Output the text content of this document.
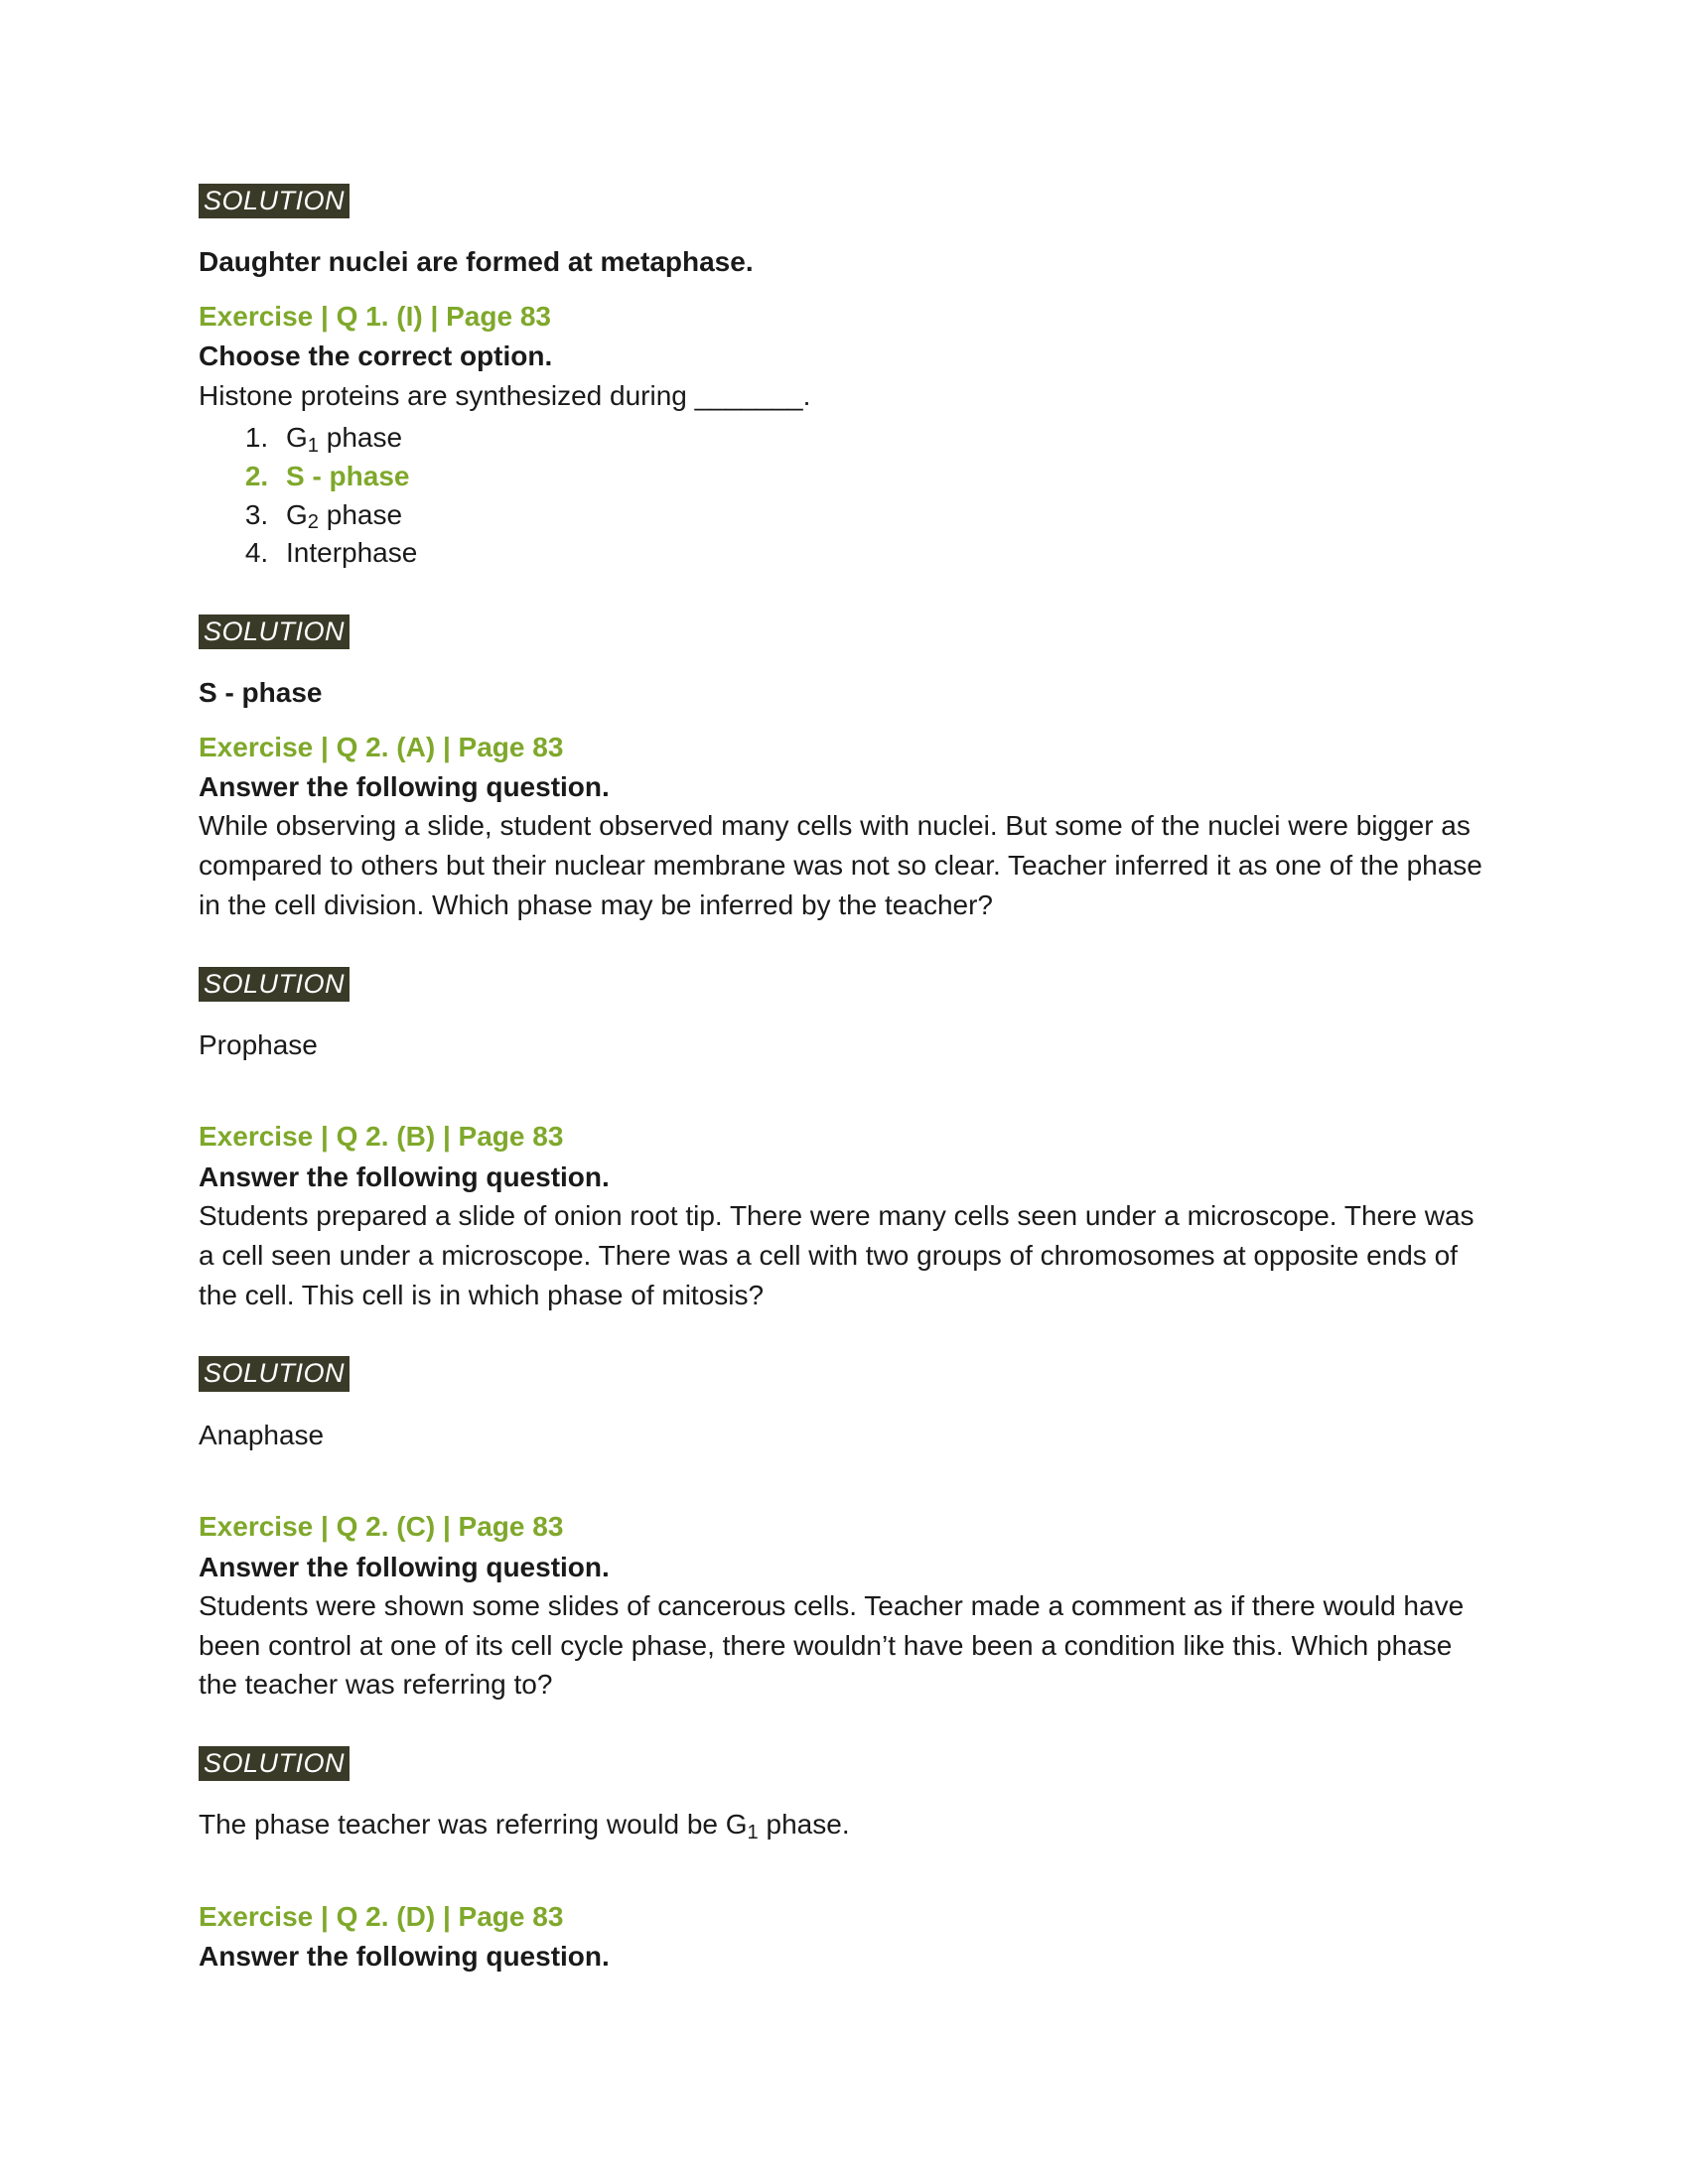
SOLUTION

Daughter nuclei are formed at metaphase.

Exercise | Q 1. (I) | Page 83

Choose the correct option.

Histone proteins are synthesized during _______.

1. $G_1$ phase
2. S - phase
3. $G_2$ phase
4. Interphase
SOLUTION

S - phase

Exercise | Q 2. (A) | Page 83

Answer the following question.

While observing a slide, student observed many cells with nuclei. But some of the nuclei were bigger as compared to others but their nuclear membrane was not so clear. Teacher inferred it as one of the phase in the cell division. Which phase may be inferred by the teacher?

SOLUTION

Prophase

Exercise | Q 2. (B) | Page 83

Answer the following question.

Students prepared a slide of onion root tip. There were many cells seen under a microscope. There was a cell seen under a microscope. There was a cell with two groups of chromosomes at opposite ends of the cell. This cell is in which phase of mitosis?

SOLUTION

Anaphase

Exercise | Q 2. (C) | Page 83

Answer the following question.

Students were shown some slides of cancerous cells. Teacher made a comment as if there would have been control at one of its cell cycle phase, there wouldn’t have been a condition like this. Which phase the teacher was referring to?

SOLUTION

The phase teacher was referring would be $G_1$ phase.

Exercise | Q 2. (D) | Page 83

Answer the following question.
